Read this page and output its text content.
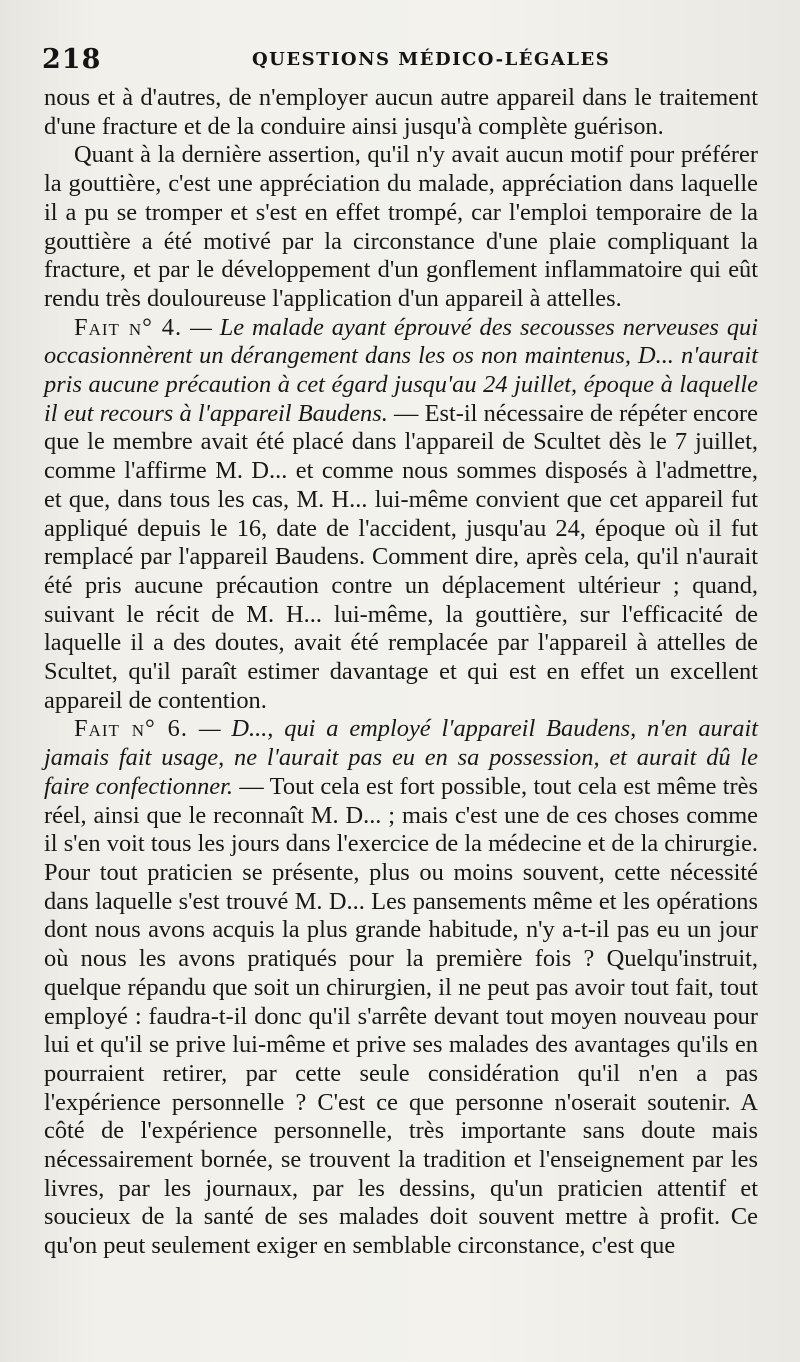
218	QUESTIONS MÉDICO-LÉGALES

nous et à d'autres, de n'employer aucun autre appareil dans le traitement d'une fracture et de la conduire ainsi jusqu'à complète guérison.

Quant à la dernière assertion, qu'il n'y avait aucun motif pour préférer la gouttière, c'est une appréciation du malade, appréciation dans laquelle il a pu se tromper et s'est en effet trompé, car l'emploi temporaire de la gouttière a été motivé par la circonstance d'une plaie compliquant la fracture, et par le développement d'un gonflement inflammatoire qui eût rendu très douloureuse l'application d'un appareil à attelles.

Fait n° 4. — Le malade ayant éprouvé des secousses nerveuses qui occasionnèrent un dérangement dans les os non maintenus, D... n'aurait pris aucune précaution à cet égard jusqu'au 24 juillet, époque à laquelle il eut recours à l'appareil Baudens. — Est-il nécessaire de répéter encore que le membre avait été placé dans l'appareil de Scultet dès le 7 juillet, comme l'affirme M. D... et comme nous sommes disposés à l'admettre, et que, dans tous les cas, M. H... lui-même convient que cet appareil fut appliqué depuis le 16, date de l'accident, jusqu'au 24, époque où il fut remplacé par l'appareil Baudens. Comment dire, après cela, qu'il n'aurait été pris aucune précaution contre un déplacement ultérieur ; quand, suivant le récit de M. H... lui-même, la gouttière, sur l'efficacité de laquelle il a des doutes, avait été remplacée par l'appareil à attelles de Scultet, qu'il paraît estimer davantage et qui est en effet un excellent appareil de contention.

Fait n° 6. — D..., qui a employé l'appareil Baudens, n'en aurait jamais fait usage, ne l'aurait pas eu en sa possession, et aurait dû le faire confectionner. — Tout cela est fort possible, tout cela est même très réel, ainsi que le reconnaît M. D... ; mais c'est une de ces choses comme il s'en voit tous les jours dans l'exercice de la médecine et de la chirurgie. Pour tout praticien se présente, plus ou moins souvent, cette nécessité dans laquelle s'est trouvé M. D... Les pansements même et les opérations dont nous avons acquis la plus grande habitude, n'y a-t-il pas eu un jour où nous les avons pratiqués pour la première fois ? Quelqu'instruit, quelque répandu que soit un chirurgien, il ne peut pas avoir tout fait, tout employé : faudra-t-il donc qu'il s'arrête devant tout moyen nouveau pour lui et qu'il se prive lui-même et prive ses malades des avantages qu'ils en pourraient retirer, par cette seule considération qu'il n'en a pas l'expérience personnelle ? C'est ce que personne n'oserait soutenir. A côté de l'expérience personnelle, très importante sans doute mais nécessairement bornée, se trouvent la tradition et l'enseignement par les livres, par les journaux, par les dessins, qu'un praticien attentif et soucieux de la santé de ses malades doit souvent mettre à profit. Ce qu'on peut seulement exiger en semblable circonstance, c'est que
